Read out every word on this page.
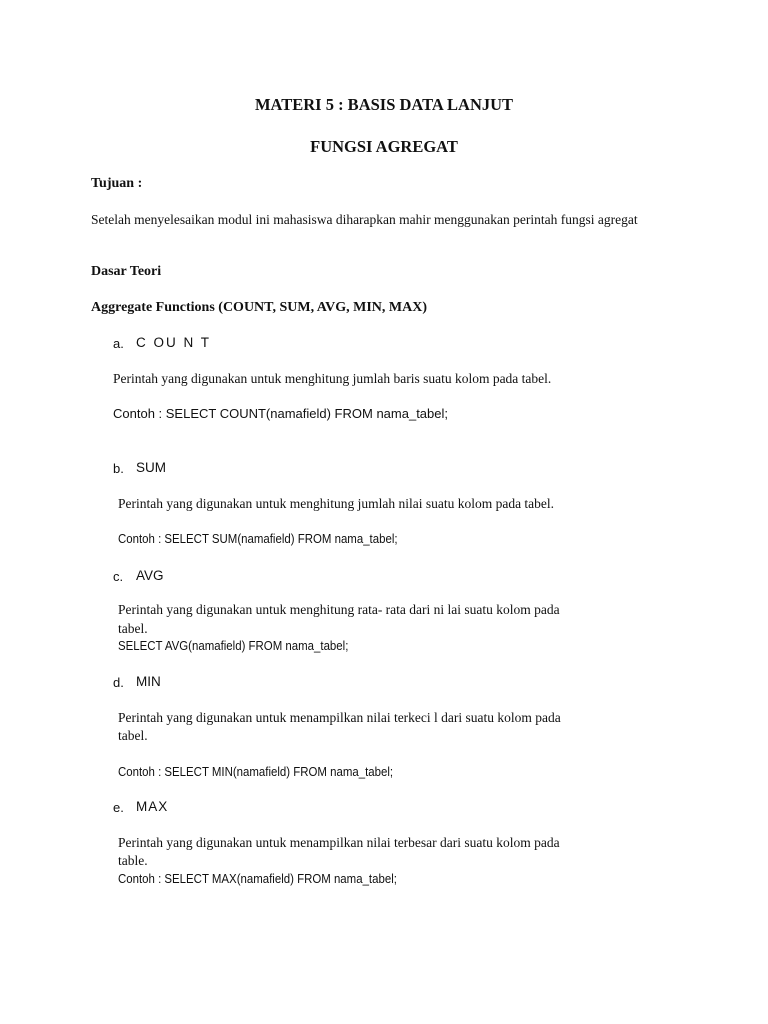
MATERI 5 : BASIS DATA LANJUT
FUNGSI AGREGAT
Tujuan :
Setelah menyelesaikan modul ini mahasiswa diharapkan mahir menggunakan perintah fungsi agregat
Dasar Teori
Aggregate Functions (COUNT, SUM, AVG, MIN, MAX)
a. C OU N T
Perintah yang digunakan untuk menghitung jumlah baris suatu kolom pada tabel.
Contoh : SELECT COUNT(namafield) FROM nama_tabel;
b. SUM
Perintah yang digunakan untuk menghitung jumlah nilai suatu kolom pada tabel.
Contoh : SELECT SUM(namafield) FROM nama_tabel;
c. AVG
Perintah yang digunakan untuk menghitung rata- rata dari ni lai suatu kolom pada
tabel.
SELECT AVG(namafield) FROM nama_tabel;
d. MIN
Perintah yang digunakan untuk menampilkan nilai terkeci l dari suatu kolom pada
tabel.
Contoh : SELECT MIN(namafield) FROM nama_tabel;
e. MAX
Perintah yang digunakan untuk menampilkan nilai terbesar dari suatu kolom pada
table.
Contoh : SELECT MAX(namafield) FROM nama_tabel;
